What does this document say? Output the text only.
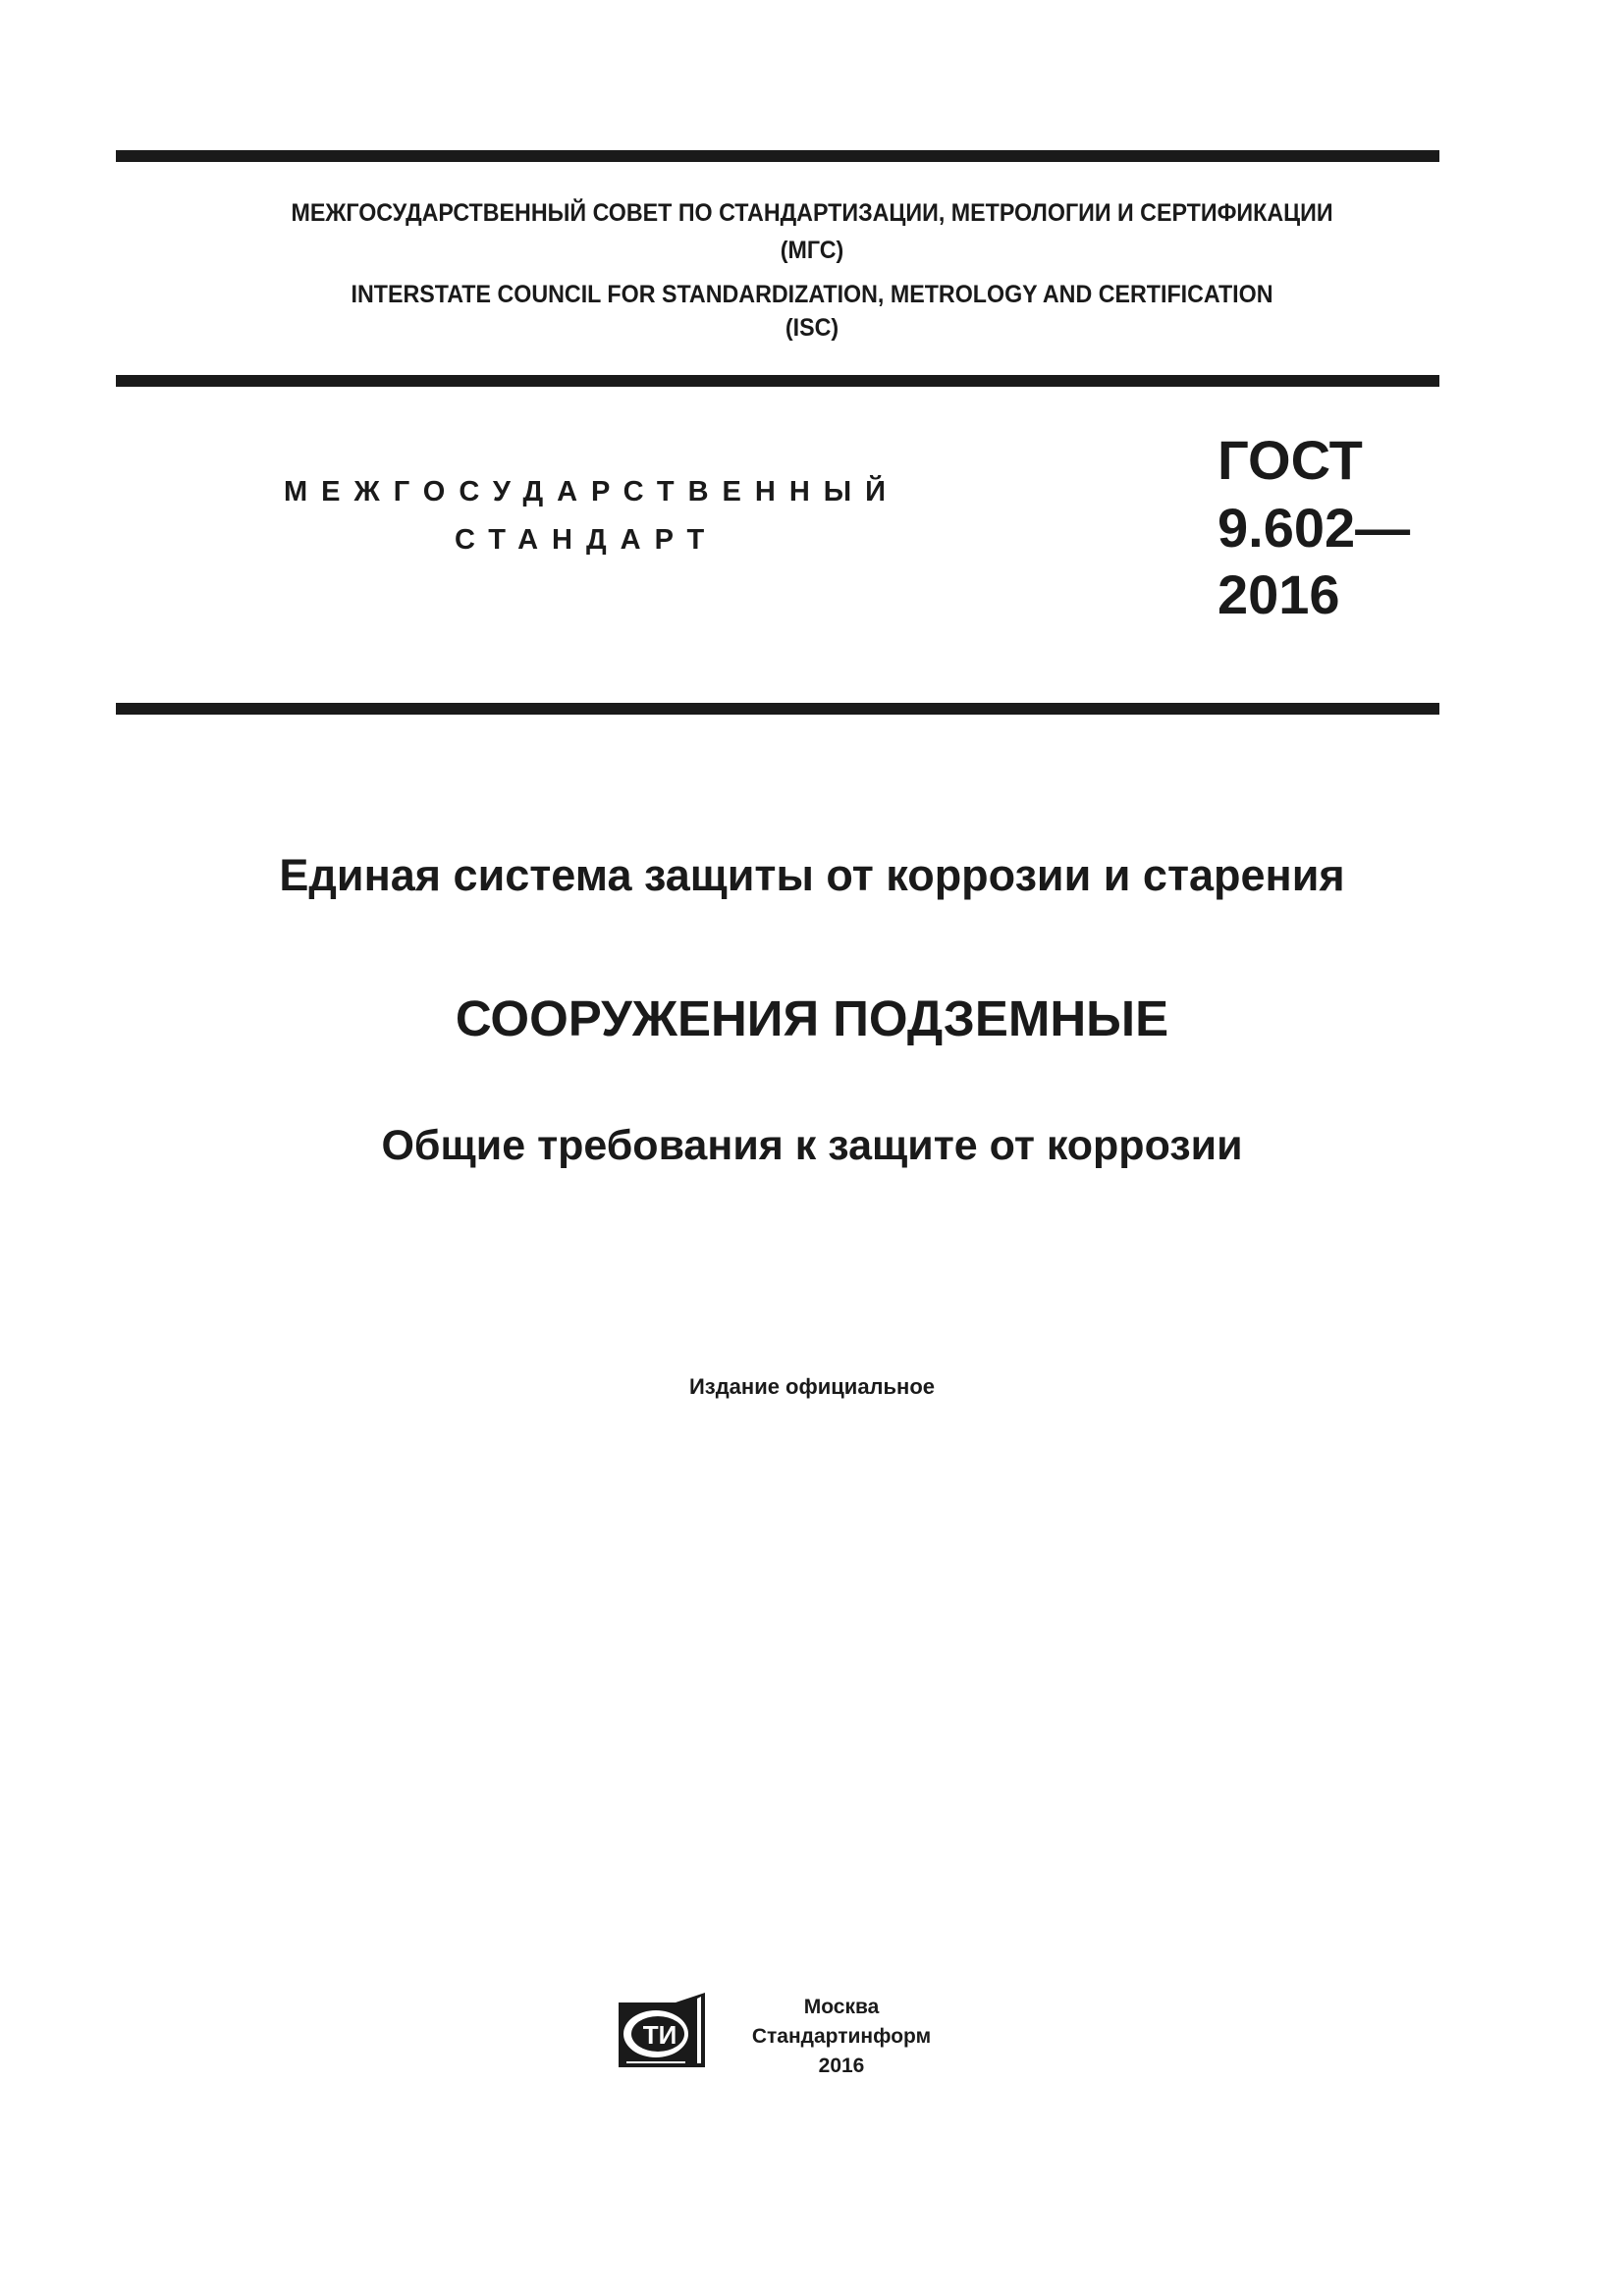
МЕЖГОСУДАРСТВЕННЫЙ СОВЕТ ПО СТАНДАРТИЗАЦИИ, МЕТРОЛОГИИ И СЕРТИФИКАЦИИ
(МГС)
INTERSTATE COUNCIL FOR STANDARDIZATION, METROLOGY AND CERTIFICATION
(ISC)
МЕЖГОСУДАРСТВЕННЫЙ
СТАНДАРТ
ГОСТ
9.602—
2016
Единая система защиты от коррозии и старения
СООРУЖЕНИЯ ПОДЗЕМНЫЕ
Общие требования к защите от коррозии
Издание официальное
ТИ
Москва
Стандартинформ
2016
